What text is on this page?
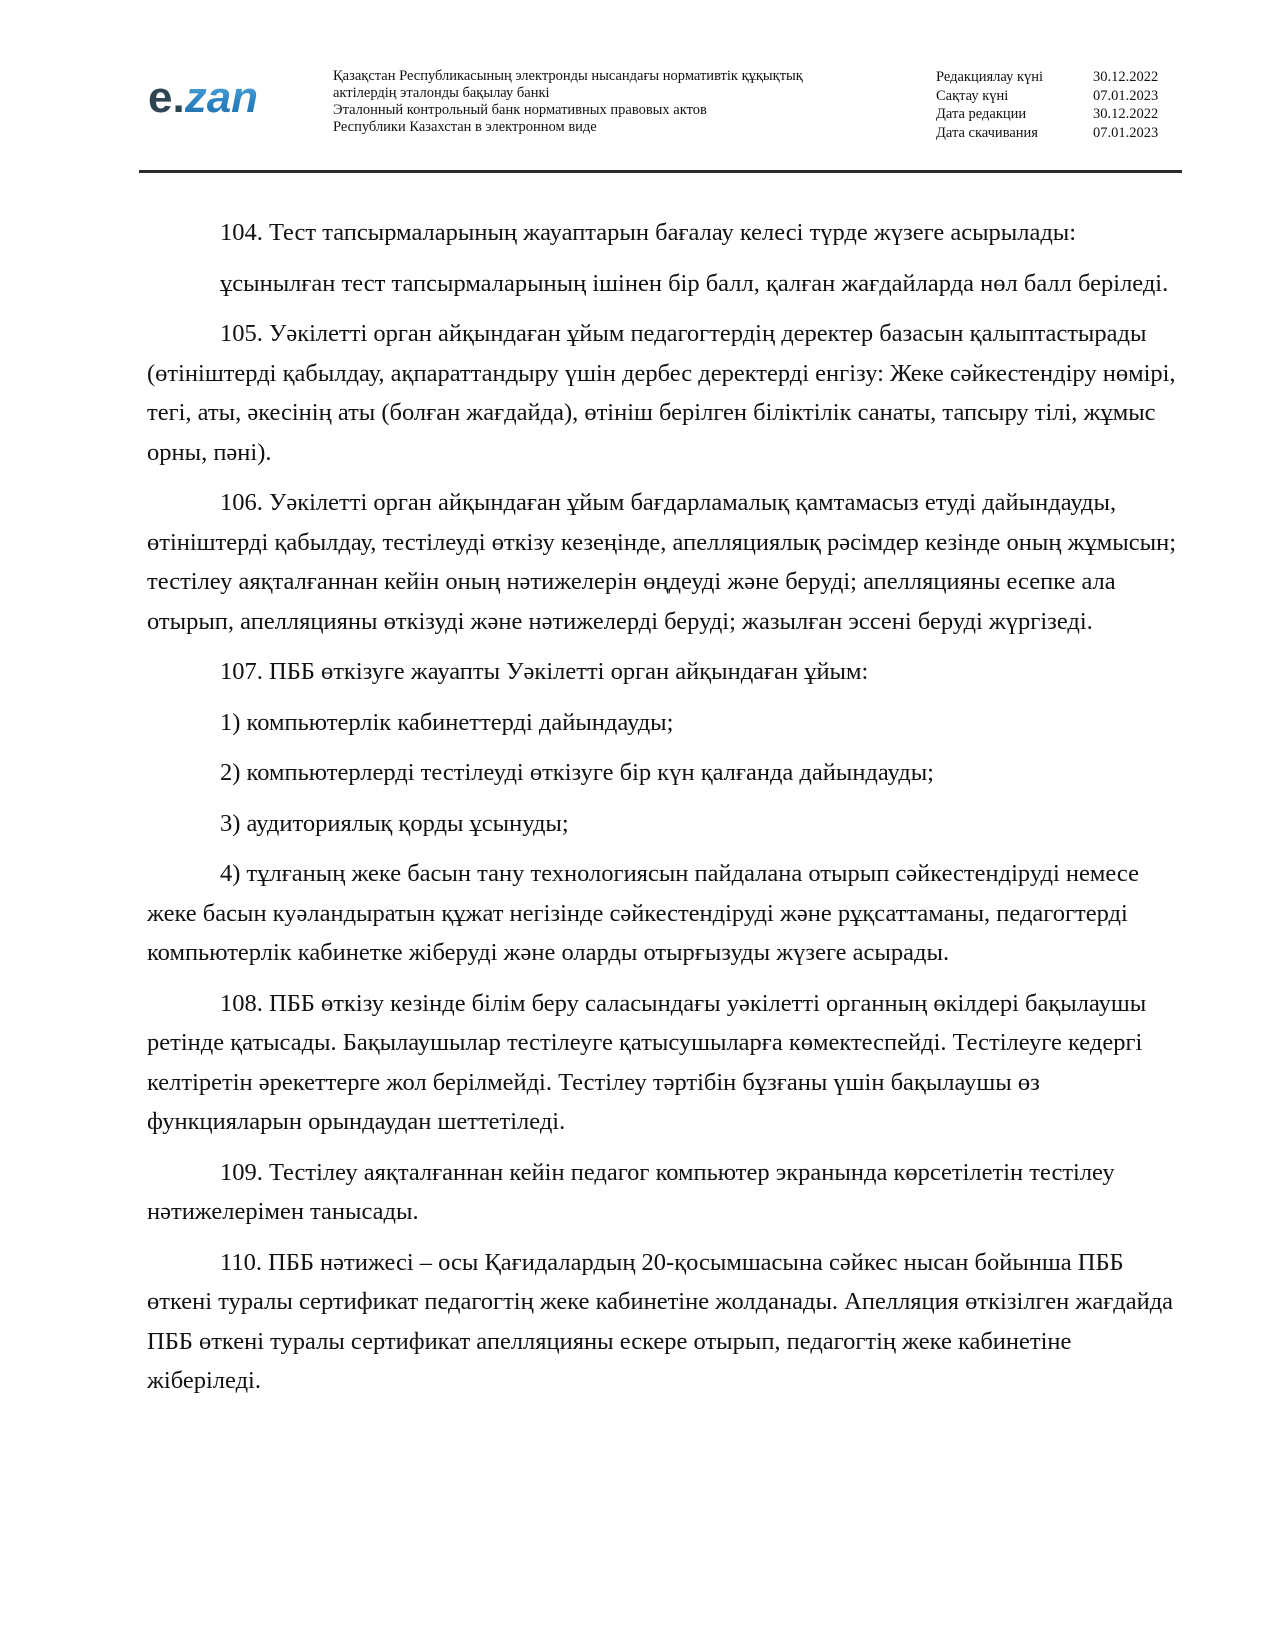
e.zan	Қазақстан Республикасының электронды нысандағы нормативтік құқықтық
актілердің эталонды бақылау банкі
Эталонный контрольный банк нормативных правовых актов
Республики Казахстан в электронном виде
Редакциялау күні	30.12.2022
Сақтау күні	07.01.2023
Дата редакции	30.12.2022
Дата скачивания	07.01.2023

104. Тест тапсырмаларының жауаптарын бағалау келесі түрде жүзеге асырылады:

ұсынылған тест тапсырмаларының ішінен бір балл, қалған жағдайларда нөл балл беріледі.

105. Уәкілетті орган айқындаған ұйым педагогтердің деректер базасын қалыптастырады (өтініштерді қабылдау, ақпараттандыру үшін дербес деректерді енгізу: Жеке сәйкестендіру нөмірі, тегі, аты, әкесінің аты (болған жағдайда), өтініш берілген біліктілік санаты, тапсыру тілі, жұмыс орны, пәні).

106. Уәкілетті орган айқындаған ұйым бағдарламалық қамтамасыз етуді дайындауды, өтініштерді қабылдау, тестілеуді өткізу кезеңінде, апелляциялық рәсімдер кезінде оның жұмысын; тестілеу аяқталғаннан кейін оның нәтижелерін өңдеуді және беруді; апелляцияны есепке ала отырып, апелляцияны өткізуді және нәтижелерді беруді; жазылған эссені беруді жүргізеді.

107. ПББ өткізуге жауапты Уәкілетті орган айқындаған ұйым:

1) компьютерлік кабинеттерді дайындауды;

2) компьютерлерді тестілеуді өткізуге бір күн қалғанда дайындауды;

3) аудиториялық қорды ұсынуды;

4) тұлғаның жеке басын тану технологиясын пайдалана отырып сәйкестендіруді немесе жеке басын куәландыратын құжат негізінде сәйкестендіруді және рұқсаттаманы, педагогтерді компьютерлік кабинетке жіберуді және оларды отырғызуды жүзеге асырады.

108. ПББ өткізу кезінде білім беру саласындағы уәкілетті органның өкілдері бақылаушы ретінде қатысады. Бақылаушылар тестілеуге қатысушыларға көмектеспейді. Тестілеуге кедергі келтіретін әрекеттерге жол берілмейді. Тестілеу тәртібін бұзғаны үшін бақылаушы өз функцияларын орындаудан шеттетіледі.

109. Тестілеу аяқталғаннан кейін педагог компьютер экранында көрсетілетін тестілеу нәтижелерімен танысады.

110. ПББ нәтижесі – осы Қағидалардың 20-қосымшасына сәйкес нысан бойынша ПББ өткені туралы сертификат педагогтің жеке кабинетіне жолданады. Апелляция өткізілген жағдайда ПББ өткені туралы сертификат апелляцияны ескере отырып, педагогтің жеке кабинетіне жіберіледі.
